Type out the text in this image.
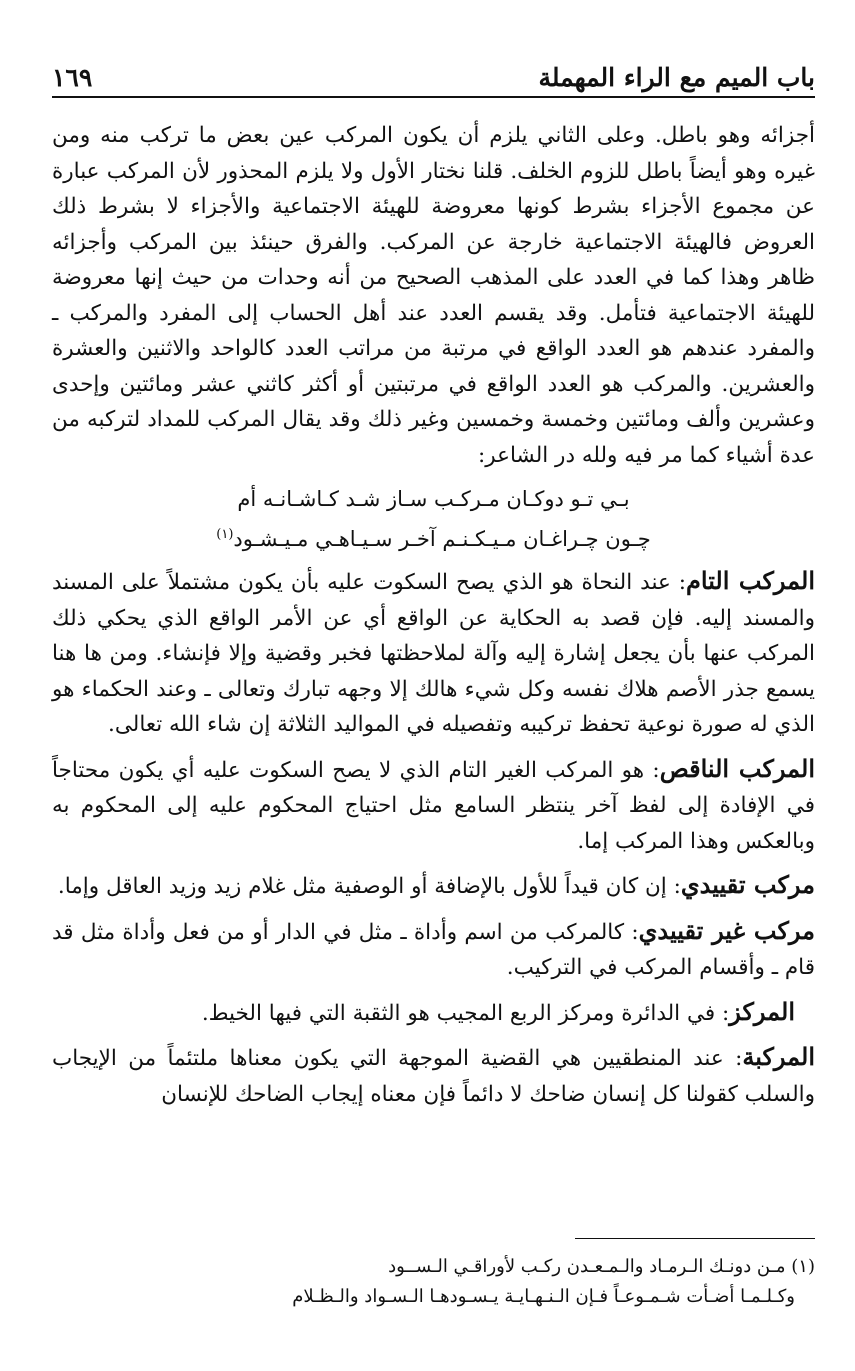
باب الميم مع الراء المهملة
١٦٩

أجزائه وهو باطل. وعلى الثاني يلزم أن يكون المركب عين بعض ما تركب منه ومن غيره وهو أيضاً باطل للزوم الخلف. قلنا نختار الأول ولا يلزم المحذور لأن المركب عبارة عن مجموع الأجزاء بشرط كونها معروضة للهيئة الاجتماعية والأجزاء لا بشرط ذلك العروض فالهيئة الاجتماعية خارجة عن المركب. والفرق حينئذ بين المركب وأجزائه ظاهر وهذا كما في العدد على المذهب الصحيح من أنه وحدات من حيث إنها معروضة للهيئة الاجتماعية فتأمل. وقد يقسم العدد عند أهل الحساب إلى المفرد والمركب ـ والمفرد عندهم هو العدد الواقع في مرتبة من مراتب العدد كالواحد والاثنين والعشرة والعشرين. والمركب هو العدد الواقع في مرتبتين أو أكثر كاثني عشر ومائتين وإحدى وعشرين وألف ومائتين وخمسة وخمسين وغير ذلك وقد يقال المركب للمداد لتركبه من عدة أشياء كما مر فيه ولله در الشاعر:

بـي تـو دوكـان مـركـب سـاز شـد كـاشـانـه أم
چـون چـراغـان مـيـكـنـم آخـر سـيـاهـي مـيـشـود$^{(١)}$

المركب التام: عند النحاة هو الذي يصح السكوت عليه بأن يكون مشتملاً على المسند والمسند إليه. فإن قصد به الحكاية عن الواقع أي عن الأمر الواقع الذي يحكي ذلك المركب عنها بأن يجعل إشارة إليه وآلة لملاحظتها فخبر وقضية وإلا فإنشاء. ومن ها هنا يسمع جذر الأصم هلاك نفسه وكل شيء هالك إلا وجهه تبارك وتعالى ـ وعند الحكماء هو الذي له صورة نوعية تحفظ تركيبه وتفصيله في المواليد الثلاثة إن شاء الله تعالى.

المركب الناقص: هو المركب الغير التام الذي لا يصح السكوت عليه أي يكون محتاجاً في الإفادة إلى لفظ آخر ينتظر السامع مثل احتياج المحكوم عليه إلى المحكوم به وبالعكس وهذا المركب إما.

مركب تقييدي: إن كان قيداً للأول بالإضافة أو الوصفية مثل غلام زيد وزيد العاقل وإما.

مركب غير تقييدي: كالمركب من اسم وأداة ـ مثل في الدار أو من فعل وأداة مثل قد قام ـ وأقسام المركب في التركيب.

المركز: في الدائرة ومركز الربع المجيب هو الثقبة التي فيها الخيط.

المركبة: عند المنطقيين هي القضية الموجهة التي يكون معناها ملتئماً من الإيجاب والسلب كقولنا كل إنسان ضاحك لا دائماً فإن معناه إيجاب الضاحك للإنسان

(١) مـن دونـك الـرمـاد والـمـعـدن ركـب لأوراقـي الـســود
وكـلـمـا أضـأت شـمـوعـاً فـإن الـنـهـايـة يـسـودهـا الـسـواد والـظـلام
